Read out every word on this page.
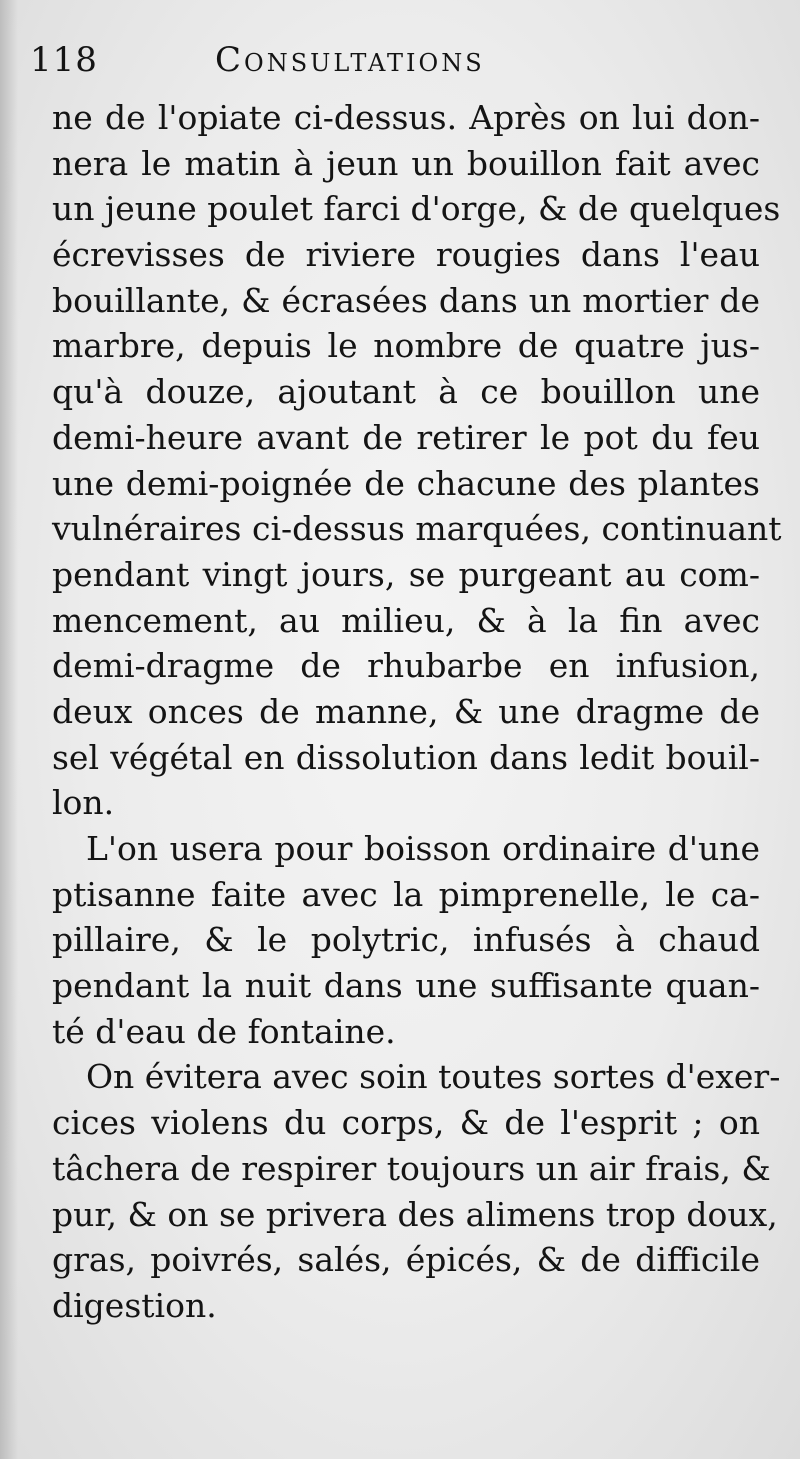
118	Consultations
ne de l'opiate ci-dessus. Après on lui don-
nera le matin à jeun un bouillon fait avec
un jeune poulet farci d'orge, & de quelques
écrevisses de riviere rougies dans l'eau
bouillante, & écrasées dans un mortier de
marbre, depuis le nombre de quatre jus-
qu'à douze, ajoutant à ce bouillon une
demi-heure avant de retirer le pot du feu
une demi-poignée de chacune des plantes
vulnéraires ci-dessus marquées, continuant
pendant vingt jours, se purgeant au com-
mencement, au milieu, & à la fin avec
demi-dragme de rhubarbe en infusion,
deux onces de manne, & une dragme de
sel végétal en dissolution dans ledit bouil-
lon.
L'on usera pour boisson ordinaire d'une
ptisanne faite avec la pimprenelle, le ca-
pillaire, & le polytric, infusés à chaud
pendant la nuit dans une suffisante quan-
té d'eau de fontaine.
On évitera avec soin toutes sortes d'exer-
cices violens du corps, & de l'esprit ; on
tâchera de respirer toujours un air frais, &
pur, & on se privera des alimens trop doux,
gras, poivrés, salés, épicés, & de difficile
digestion.
